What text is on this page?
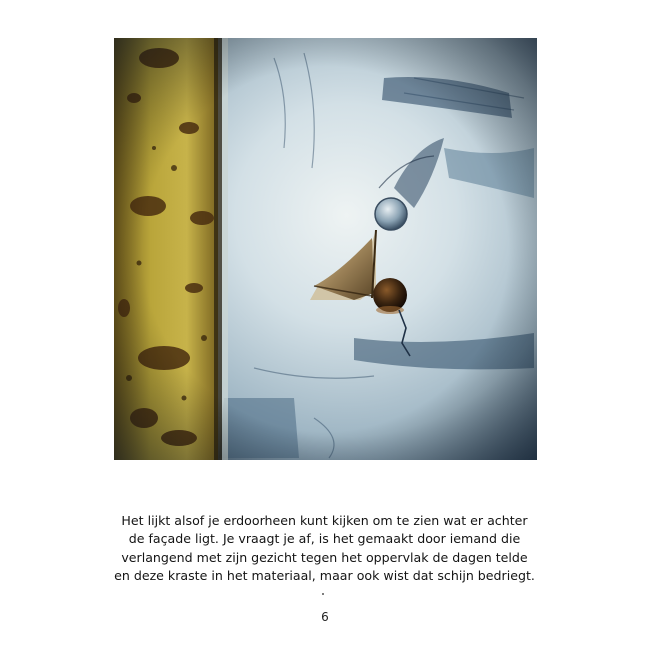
Het lijkt alsof je erdoorheen kunt kijken om te zien wat er achter
de façade ligt. Je vraagt je af, is het gemaakt door iemand die
verlangend met zijn gezicht tegen het oppervlak de dagen telde
en deze kraste in het materiaal, maar ook wist dat schijn bedriegt.
6
